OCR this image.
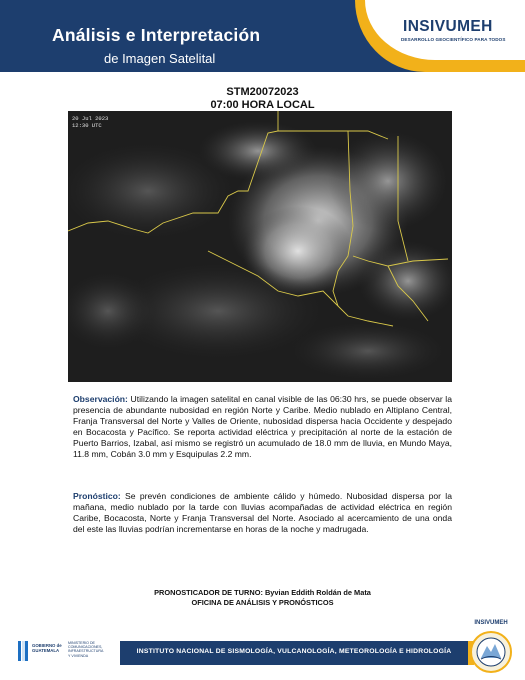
Análisis e Interpretación
de Imagen Satelital
INSIVUMEH
DESARROLLO GEOCIENTÍFICO PARA TODOS
STM20072023
07:00 HORA LOCAL
20 Jul 2023
12:30 UTC
Observación: Utilizando la imagen satelital en canal visible de las 06:30 hrs, se puede observar la presencia de abundante nubosidad en región Norte y Caribe. Medio nublado en Altiplano Central, Franja Transversal del Norte y Valles de Oriente, nubosidad dispersa hacia Occidente y despejado en Bocacosta y Pacífico. Se reporta actividad eléctrica y precipitación al norte de la estación de Puerto Barrios, Izabal, así mismo se registró un acumulado de 18.0 mm de lluvia, en Mundo Maya, 11.8 mm, Cobán 3.0 mm y Esquipulas 2.2 mm.
Pronóstico: Se prevén condiciones de ambiente cálido y húmedo. Nubosidad dispersa por la mañana, medio nublado por la tarde con lluvias acompañadas de actividad eléctrica en región Caribe, Bocacosta, Norte y Franja Transversal del Norte. Asociado al acercamiento de una onda del este las lluvias podrían incrementarse en horas de la noche y madrugada.
PRONOSTICADOR DE TURNO: Byvian Eddith Roldán de Mata
OFICINA DE ANÁLISIS Y PRONÓSTICOS
GOBIERNO de
GUATEMALA
MINISTERIO DE
COMUNICACIONES,
INFRAESTRUCTURA
Y VIVIENDA
INSTITUTO NACIONAL DE SISMOLOGÍA, VULCANOLOGÍA, METEOROLOGÍA E HIDROLOGÍA
INSIVUMEH
